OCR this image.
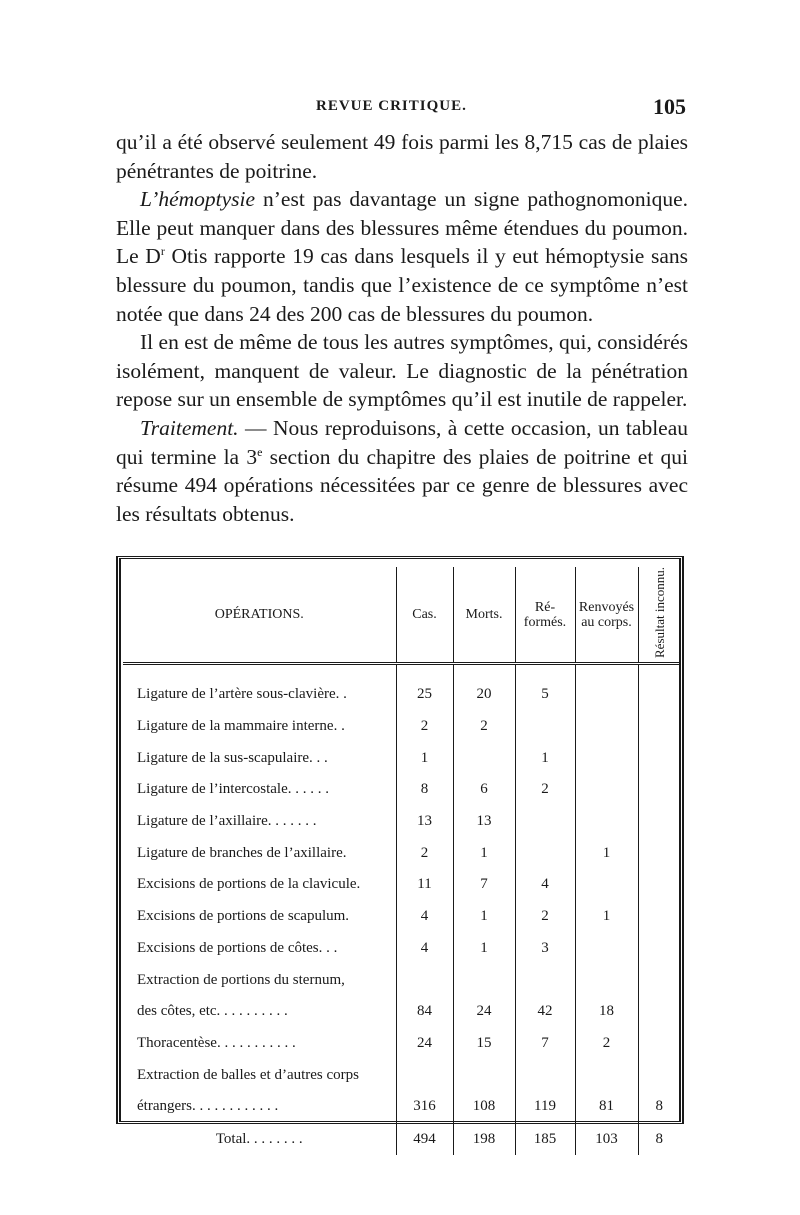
REVUE CRITIQUE.	105

qu’il a été observé seulement 49 fois parmi les 8,715 cas de plaies pénétrantes de poitrine.

L’hémoptysie n’est pas davantage un signe pathognomonique. Elle peut manquer dans des blessures même étendues du poumon. Le $D^r$ Otis rapporte 19 cas dans lesquels il y eut hémoptysie sans blessure du poumon, tandis que l’existence de ce symptôme n’est notée que dans 24 des 200 cas de blessures du poumon.

Il en est de même de tous les autres symptômes, qui, considérés isolément, manquent de valeur. Le diagnostic de la pénétration repose sur un ensemble de symptômes qu’il est inutile de rappeler.

Traitement. — Nous reproduisons, à cette occasion, un tableau qui termine la 3e section du chapitre des plaies de poitrine et qui résume 494 opérations nécessitées par ce genre de blessures avec les résultats obtenus.

OPÉRATIONS.	Cas.	Morts.	Ré- formés.	Renvoyés au corps.	Résultat inconnu.
Ligature de l’artère sous-clavière. .	25	20	5		
Ligature de la mammaire interne. .	2	2			
Ligature de la sus-scapulaire. . .	1		1		
Ligature de l’intercostale. . . . . .	8	6	2		
Ligature de l’axillaire. . . . . . .	13	13			
Ligature de branches de l’axillaire.	2	1		1	
Excisions de portions de la clavicule.	11	7	4		
Excisions de portions de scapulum.	4	1	2	1	
Excisions de portions de côtes. . .	4	1	3		
Extraction de portions du sternum,					
des côtes, etc. . . . . . . . . .	84	24	42	18	
Thoracentèse. . . . . . . . . . .	24	15	7	2	
Extraction de balles et d’autres corps					
étrangers. . . . . . . . . . . .	316	108	119	81	8
Total. . . . . . . .	494	198	185	103	8
